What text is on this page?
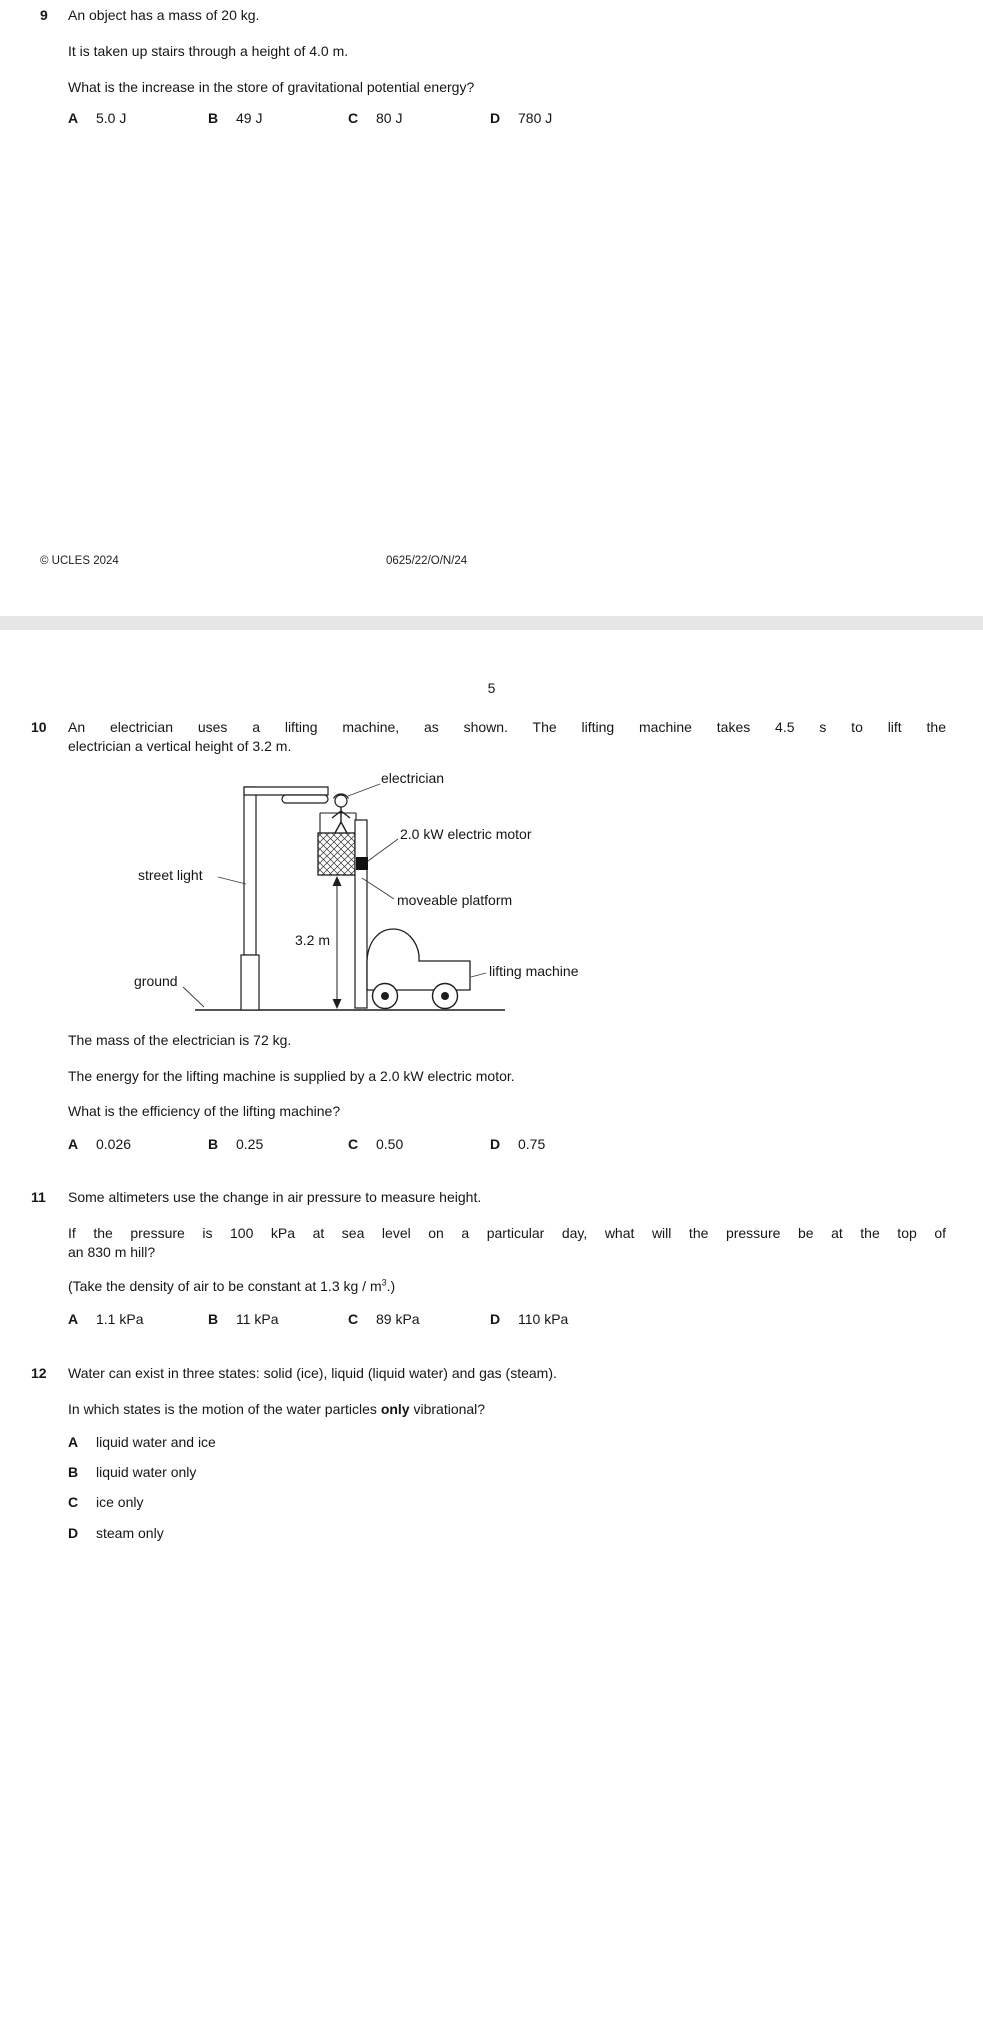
9 An object has a mass of 20 kg.
It is taken up stairs through a height of 4.0 m.
What is the increase in the store of gravitational potential energy?
A 5.0 J	B 49 J	C 80 J	D 780 J
© UCLES 2024	0625/22/O/N/24
5
10 An electrician uses a lifting machine, as shown. The lifting machine takes 4.5 s to lift the
electrician a vertical height of 3.2 m.
electrician
2.0 kW electric motor
street light
moveable platform
3.2 m
ground
lifting machine
The mass of the electrician is 72 kg.
The energy for the lifting machine is supplied by a 2.0 kW electric motor.
What is the efficiency of the lifting machine?
A 0.026	B 0.25	C 0.50	D 0.75
11 Some altimeters use the change in air pressure to measure height.
If the pressure is 100 kPa at sea level on a particular day, what will the pressure be at the top of
an 830 m hill?
(Take the density of air to be constant at 1.3 kg / $m^3$.)
A 1.1 kPa	B 11 kPa	C 89 kPa	D 110 kPa
12 Water can exist in three states: solid (ice), liquid (liquid water) and gas (steam).
In which states is the motion of the water particles only vibrational?
A liquid water and ice
B liquid water only
C ice only
D steam only
